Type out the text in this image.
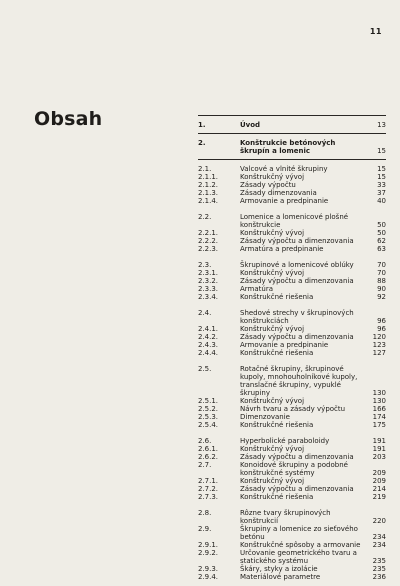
11
Obsah	1.	Úvod	13
2.	Konštrukcie betónových škrupín a lomenic	15
2.1.	Valcové a vlnité škrupiny	15
2.1.1.	Konštrukčný vývoj	15
2.1.2.	Zásady výpočtu	33
2.1.3.	Zásady dimenzovania	37
2.1.4.	Armovanie a predpinanie	40
2.2.	Lomenice a lomenicové plošné konštrukcie	50
2.2.1.	Konštrukčný vývoj	50
2.2.2.	Zásady výpočtu a dimenzovania	62
2.2.3.	Armatúra a predpinanie	63
2.3.	Škrupinové a lomenicové oblúky	70
2.3.1.	Konštrukčný vývoj	70
2.3.2.	Zásady výpočtu a dimenzovania	88
2.3.3.	Armatúra	90
2.3.4.	Konštrukčné riešenia	92
2.4.	Shedové strechy v škrupinových konštrukciách	96
2.4.1.	Konštrukčný vývoj	96
2.4.2.	Zásady výpočtu a dimenzovania	120
2.4.3.	Armovanie a predpinanie	123
2.4.4.	Konštrukčné riešenia	127
2.5.	Rotačné škrupiny, škrupinové kupoly, mnohouholníkové kupoly, translačné škrupiny, vypuklé škrupiny	130
2.5.1.	Konštrukčný vývoj	130
2.5.2.	Návrh tvaru a zásady výpočtu	166
2.5.3.	Dimenzovanie	174
2.5.4.	Konštrukčné riešenia	175
2.6.	Hyperbolické paraboloidy	191
2.6.1.	Konštrukčný vývoj	191
2.6.2.	Zásady výpočtu a dimenzovania	203
2.7.	Konoidové škrupiny a podobné konštrukčné systémy	209
2.7.1.	Konštrukčný vývoj	209
2.7.2.	Zásady výpočtu a dimenzovania	214
2.7.3.	Konštrukčné riešenia	219
2.8.	Rôzne tvary škrupinových konštrukcií	220
2.9.	Škrupiny a lomenice zo sieťového betónu	234
2.9.1.	Konštrukčné spôsoby a armovanie	234
2.9.2.	Určovanie geometrického tvaru a statického systému	235
2.9.3.	Škáry, styky a izolácie	235
2.9.4.	Materiálové parametre	236
